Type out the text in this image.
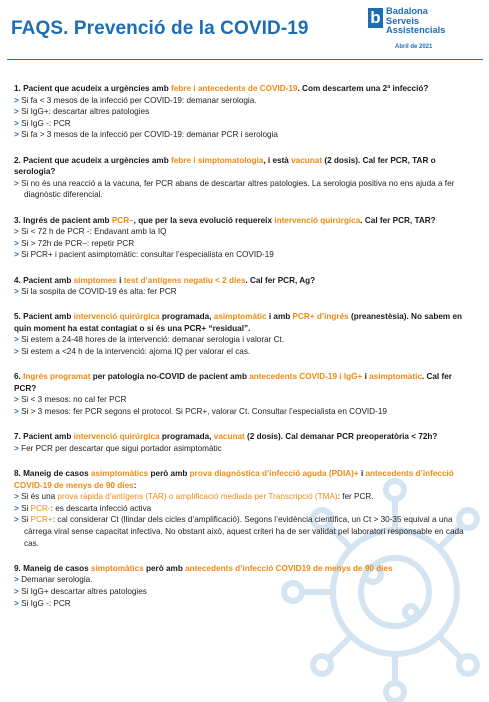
FAQS. Prevenció de la COVID-19
b Badalona
Serveis
Assistencials
Abril de 2021
1. Pacient que acudeix a urgències amb febre i antecedents de COVID-19. Com descartem una 2ª infecció?
> Si fa < 3 mesos de la infecció per COVID-19: demanar serologia.
> Si IgG+: descartar altres patologies
> Si IgG -: PCR
> Si fa > 3 mesos de la infecció per COVID-19: demanar PCR i serologia
2. Pacient que acudeix a urgències amb febre i simptomatologia, i està vacunat (2 dosis). Cal fer PCR, TAR o serologia?
> Si no és una reacció a la vacuna, fer PCR abans de descartar altres patologies. La serologia positiva no ens ajuda a fer diagnòstic diferencial.
3. Ingrés de pacient amb PCR–, que per la seva evolució requereix intervenció quirúrgica. Cal fer PCR, TAR?
> Si < 72 h de PCR -: Endavant amb la IQ
> Si > 72h de PCR–: repetir PCR
> Si PCR+ i pacient asimptomàtic: consultar l’especialista en COVID-19
4. Pacient amb símptomes i test d’antígens negatiu < 2 dies. Cal fer PCR, Ag?
> Si la sospita de COVID-19 és alta: fer PCR
5. Pacient amb intervenció quirúrgica programada, asimptomàtic i amb PCR+ d’ingrés (preanestèsia). No sabem en quin moment ha estat contagiat o si és una PCR+ “residual”.
> Si estem a 24-48 hores de la intervenció: demanar serologia i valorar Ct.
> Si estem a <24 h de la intervenció: ajorna IQ per valorar el cas.
6. Ingrés programat per patologia no-COVID de pacient amb antecedents COVID-19 i IgG+ i asimptomàtic. Cal fer PCR?
> Si < 3 mesos: no cal fer PCR
> Si > 3 mesos: fer PCR segons el protocol. Si PCR+, valorar Ct. Consultar l’especialista en COVID-19
7. Pacient amb intervenció quirúrgica programada, vacunat (2 dosis). Cal demanar PCR preoperatòria < 72h?
> Fer PCR per descartar que sigui portador asimptomàtic
8. Maneig de casos asimptomàtics però amb prova diagnòstica d’infecció aguda (PDIA)+ i antecedents d’infecció COVID-19 de menys de 90 dies:
> Si és una prova ràpida d’antígens (TAR) o amplificació mediada per Transcripció (TMA): fer PCR.
> Si PCR-: es descarta infecció activa
> Si PCR+: cal considerar Ct (llindar dels cicles d’amplificació). Segons l’evidència científica, un Ct > 30-35 equival a una càrrega viral sense capacitat infectiva. No obstant això, aquest criteri ha de ser validat pel laboratori responsable en cada cas.
9. Maneig de casos simptomàtics però amb antecedents d’infecció COVID19 de menys de 90 dies
> Demanar serologia.
> Si IgG+ descartar altres patologies
> Si IgG -: PCR
